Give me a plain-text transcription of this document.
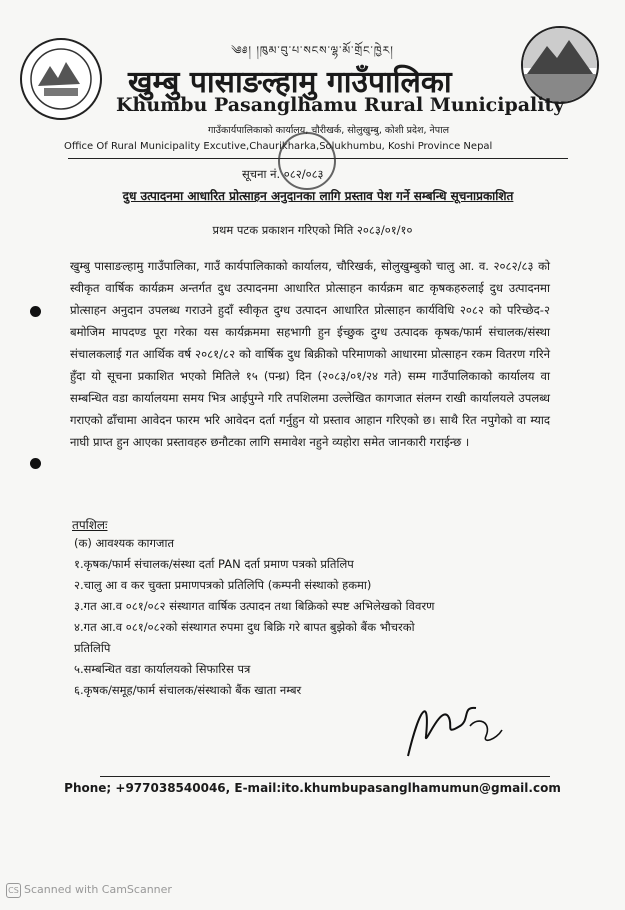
༄༅། །ཁུམ་བུ་པ་སངས་ལྷ་མོ་གྲོང་ཁྱེར།
खुम्बु पासाङल्हामु गाउँपालिका
Khumbu Pasanglhamu Rural Municipality
गाउँकार्यपालिकाको कार्यालय, चौरीखर्क, सोलुखुम्बु, कोशी प्रदेश, नेपाल
Office Of Rural Municipality Excutive,Chaurikharka,Solukhumbu, Koshi Province Nepal
सूचना नं. ०८२/०८३
दुध उत्पादनमा आधारित प्रोत्साहन अनुदानका लागि प्रस्ताव पेश गर्ने सम्बन्धि सूचनाप्रकाशित
प्रथम पटक प्रकाशन गरिएको मिति २०८३/०१/१०
खुम्बु पासाङल्हामु गाउँपालिका, गाउँ कार्यपालिकाको कार्यालय, चौरिखर्क, सोलुखुम्बुको चालु आ. व. २०८२/८३ को स्वीकृत वार्षिक कार्यक्रम अन्तर्गत दुध उत्पादनमा आधारित प्रोत्साहन कार्यक्रम बाट कृषकहरुलाई दुध उत्पादनमा प्रोत्साहन अनुदान उपलब्ध गराउने हुदाँ स्वीकृत दुग्ध उत्पादन आधारित प्रोत्साहन कार्यविधि २०८२ को परिच्छेद-२ बमोजिम मापदण्ड पूरा गरेका यस कार्यक्रममा सहभागी हुन ईच्छुक दुग्ध उत्पादक कृषक/फार्म संचालक/संस्था संचालकलाई गत आर्थिक वर्ष २०८१/८२ को वार्षिक दुध बिक्रीको परिमाणको आधारमा प्रोत्साहन रकम वितरण गरिने हुँदा यो सूचना प्रकाशित भएको मितिले १५ (पन्ध्र) दिन (२०८३/०१/२४ गते) सम्म गाउँपालिकाको कार्यालय वा सम्बन्धित वडा कार्यालयमा समय भित्र आईपुग्ने गरि तपशिलमा उल्लेखित कागजात संलग्न राखी कार्यालयले उपलब्ध गराएको ढाँचामा आवेदन फारम भरि आवेदन दर्ता गर्नुहुन यो प्रस्ताव आहान गरिएको छ। साथै रित नपुगेको वा म्याद नाघी प्राप्त हुन आएका प्रस्तावहरु छनौटका लागि समावेश नहुने व्यहोरा समेत जानकारी गराईन्छ ।
तपशिलः
(क) आवश्यक कागजात
१.कृषक/फार्म संचालक/संस्था दर्ता PAN दर्ता प्रमाण पत्रको प्रतिलिप
२.चालु आ व कर चुक्ता प्रमाणपत्रको प्रतिलिपि (कम्पनी संस्थाको हकमा)
३.गत आ.व ०८१/०८२ संस्थागत वार्षिक उत्पादन तथा बिक्रिको स्पष्ट अभिलेखको विवरण
४.गत आ.व ०८१/०८२को संस्थागत रुपमा दुध बिक्रि गरे बापत बुझेको बैंक भौचरको
प्रतिलिपि
५.सम्बन्धित वडा कार्यालयको सिफारिस पत्र
६.कृषक/समूह/फार्म संचालक/संस्थाको बैंक खाता नम्बर
Phone; +977038540046, E-mail:ito.khumbupasanglhamumun@gmail.com
CS Scanned with CamScanner
